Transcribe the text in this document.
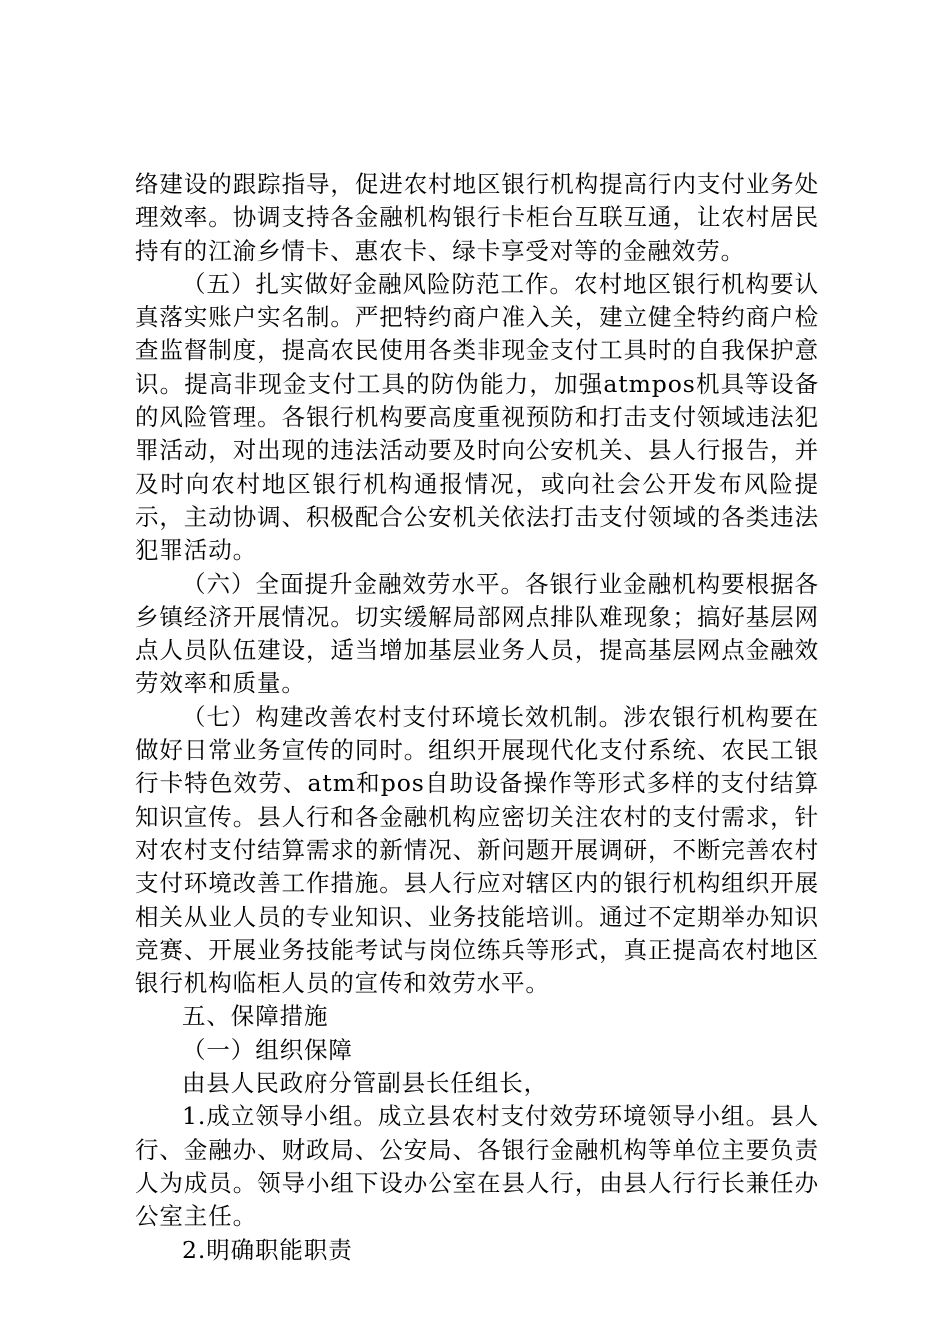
络建设的跟踪指导，促进农村地区银行机构提高行内支付业务处理效率。协调支持各金融机构银行卡柜台互联互通，让农村居民持有的江渝乡情卡、惠农卡、绿卡享受对等的金融效劳。

（五）扎实做好金融风险防范工作。农村地区银行机构要认真落实账户实名制。严把特约商户准入关，建立健全特约商户检查监督制度，提高农民使用各类非现金支付工具时的自我保护意识。提高非现金支付工具的防伪能力，加强atmpos机具等设备的风险管理。各银行机构要高度重视预防和打击支付领域违法犯罪活动，对出现的违法活动要及时向公安机关、县人行报告，并及时向农村地区银行机构通报情况，或向社会公开发布风险提示，主动协调、积极配合公安机关依法打击支付领域的各类违法犯罪活动。

（六）全面提升金融效劳水平。各银行业金融机构要根据各乡镇经济开展情况。切实缓解局部网点排队难现象；搞好基层网点人员队伍建设，适当增加基层业务人员，提高基层网点金融效劳效率和质量。

（七）构建改善农村支付环境长效机制。涉农银行机构要在做好日常业务宣传的同时。组织开展现代化支付系统、农民工银行卡特色效劳、atm和pos自助设备操作等形式多样的支付结算知识宣传。县人行和各金融机构应密切关注农村的支付需求，针对农村支付结算需求的新情况、新问题开展调研，不断完善农村支付环境改善工作措施。县人行应对辖区内的银行机构组织开展相关从业人员的专业知识、业务技能培训。通过不定期举办知识竞赛、开展业务技能考试与岗位练兵等形式，真正提高农村地区银行机构临柜人员的宣传和效劳水平。

五、保障措施

（一）组织保障

由县人民政府分管副县长任组长，

1.成立领导小组。成立县农村支付效劳环境领导小组。县人行、金融办、财政局、公安局、各银行金融机构等单位主要负责人为成员。领导小组下设办公室在县人行，由县人行行长兼任办公室主任。

2.明确职能职责
